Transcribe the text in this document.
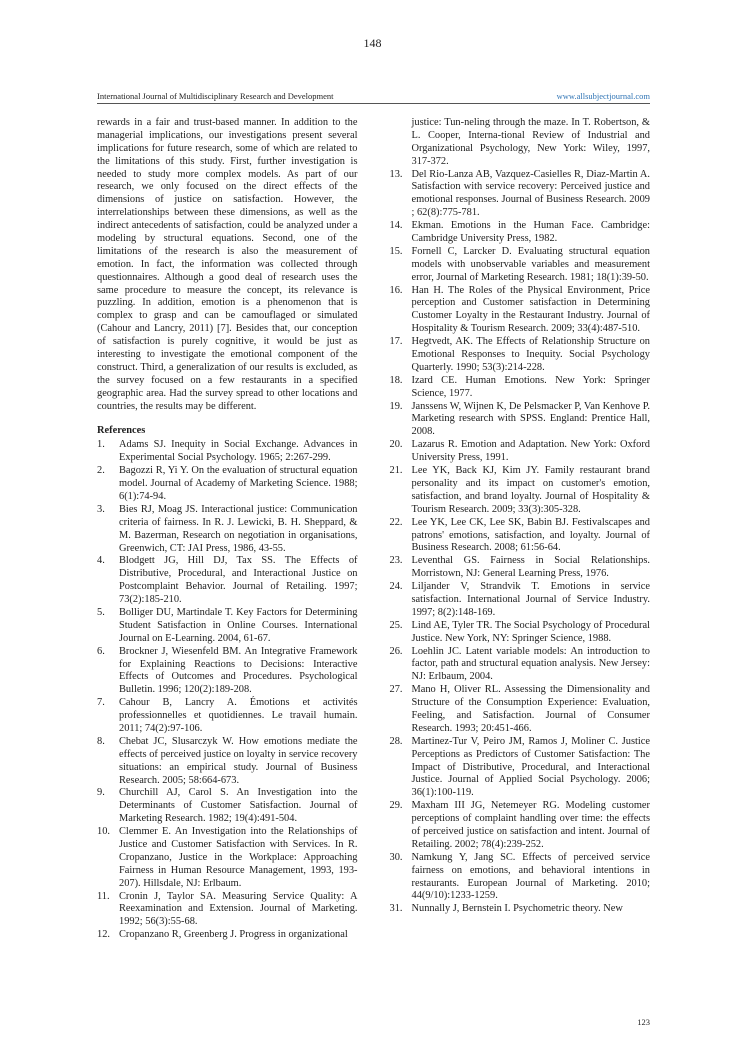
148
International Journal of Multidisciplinary Research and Development	www.allsubjectjournal.com

rewards in a fair and trust-based manner. In addition to the managerial implications, our investigations present several implications for future research, some of which are related to the limitations of this study. First, further investigation is needed to study more complex models. As part of our research, we only focused on the direct effects of the dimensions of justice on satisfaction. However, the interrelationships between these dimensions, as well as the indirect antecedents of satisfaction, could be analyzed under a modeling by structural equations. Second, one of the limitations of the research is also the measurement of emotion. In fact, the information was collected through questionnaires. Although a good deal of research uses the same procedure to measure the concept, its relevance is puzzling. In addition, emotion is a phenomenon that is complex to grasp and can be camouflaged or simulated (Cahour and Lancry, 2011) [7]. Besides that, our conception of satisfaction is purely cognitive, it would be just as interesting to investigate the emotional component of the construct. Third, a generalization of our results is excluded, as the survey focused on a few restaurants in a specified geographic area. Had the survey spread to other locations and countries, the results may be different.

References
1.	Adams SJ. Inequity in Social Exchange. Advances in Experimental Social Psychology. 1965; 2:267-299.
2.	Bagozzi R, Yi Y. On the evaluation of structural equation model. Journal of Academy of Marketing Science. 1988; 6(1):74-94.
3.	Bies RJ, Moag JS. Interactional justice: Communication criteria of fairness. In R. J. Lewicki, B. H. Sheppard, & M. Bazerman, Research on negotiation in organisations, Greenwich, CT: JAI Press, 1986, 43-55.
4.	Blodgett JG, Hill DJ, Tax SS. The Effects of Distributive, Procedural, and Interactional Justice on Postcomplaint Behavior. Journal of Retailing. 1997; 73(2):185-210.
5.	Bolliger DU, Martindale T. Key Factors for Determining Student Satisfaction in Online Courses. International Journal on E-Learning. 2004, 61-67.
6.	Brockner J, Wiesenfeld BM. An Integrative Framework for Explaining Reactions to Decisions: Interactive Effects of Outcomes and Procedures. Psychological Bulletin. 1996; 120(2):189-208.
7.	Cahour B, Lancry A. Émotions et activités professionnelles et quotidiennes. Le travail humain. 2011; 74(2):97-106.
8.	Chebat JC, Slusarczyk W. How emotions mediate the effects of perceived justice on loyalty in service recovery situations: an empirical study. Journal of Business Research. 2005; 58:664-673.
9.	Churchill AJ, Carol S. An Investigation into the Determinants of Customer Satisfaction. Journal of Marketing Research. 1982; 19(4):491-504.
10. Clemmer E. An Investigation into the Relationships of Justice and Customer Satisfaction with Services. In R. Cropanzano, Justice in the Workplace: Approaching Fairness in Human Resource Management, 1993, 193-207). Hillsdale, NJ: Erlbaum.
11. Cronin J, Taylor SA. Measuring Service Quality: A Reexamination and Extension. Journal of Marketing. 1992; 56(3):55-68.
12. Cropanzano R, Greenberg J. Progress in organizational

justice: Tun-neling through the maze. In T. Robertson, & L. Cooper, Interna-tional Review of Industrial and Organizational Psychology, New York: Wiley, 1997, 317-372.

13. Del Rio-Lanza AB, Vazquez-Casielles R, Diaz-Martin A. Satisfaction with service recovery: Perceived justice and emotional responses. Journal of Business Research. 2009 ; 62(8):775-781.
14. Ekman. Emotions in the Human Face. Cambridge: Cambridge University Press, 1982.
15. Fornell C, Larcker D. Evaluating structural equation models with unobservable variables and measurement error, Journal of Marketing Research. 1981; 18(1):39-50.
16. Han H. The Roles of the Physical Environment, Price perception and Customer satisfaction in Determining Customer Loyalty in the Restaurant Industry. Journal of Hospitality & Tourism Research. 2009; 33(4):487-510.
17. Hegtvedt, AK. The Effects of Relationship Structure on Emotional Responses to Inequity. Social Psychology Quarterly. 1990; 53(3):214-228.
18. Izard CE. Human Emotions. New York: Springer Science, 1977.
19. Janssens W, Wijnen K, De Pelsmacker P, Van Kenhove P. Marketing research with SPSS. England: Prentice Hall, 2008.
20. Lazarus R. Emotion and Adaptation. New York: Oxford University Press, 1991.
21. Lee YK, Back KJ, Kim JY. Family restaurant brand personality and its impact on customer's emotion, satisfaction, and brand loyalty. Journal of Hospitality & Tourism Research. 2009; 33(3):305-328.
22. Lee YK, Lee CK, Lee SK, Babin BJ. Festivalscapes and patrons' emotions, satisfaction, and loyalty. Journal of Business Research. 2008; 61:56-64.
23. Leventhal GS. Fairness in Social Relationships. Morristown, NJ: General Learning Press, 1976.
24. Liljander V, Strandvik T. Emotions in service satisfaction. International Journal of Service Industry. 1997; 8(2):148-169.
25. Lind AE, Tyler TR. The Social Psychology of Procedural Justice. New York, NY: Springer Science, 1988.
26. Loehlin JC. Latent variable models: An introduction to factor, path and structural equation analysis. New Jersey: NJ: Erlbaum, 2004.
27. Mano H, Oliver RL. Assessing the Dimensionality and Structure of the Consumption Experience: Evaluation, Feeling, and Satisfaction. Journal of Consumer Research. 1993; 20:451-466.
28. Martinez-Tur V, Peiro JM, Ramos J, Moliner C. Justice Perceptions as Predictors of Customer Satisfaction: The Impact of Distributive, Procedural, and Interactional Justice. Journal of Applied Social Psychology. 2006; 36(1):100-119.
29. Maxham III JG, Netemeyer RG. Modeling customer perceptions of complaint handling over time: the effects of perceived justice on satisfaction and intent. Journal of Retailing. 2002; 78(4):239-252.
30. Namkung Y, Jang SC. Effects of perceived service fairness on emotions, and behavioral intentions in restaurants. European Journal of Marketing. 2010; 44(9/10):1233-1259.
31. Nunnally J, Bernstein I. Psychometric theory. New
123
